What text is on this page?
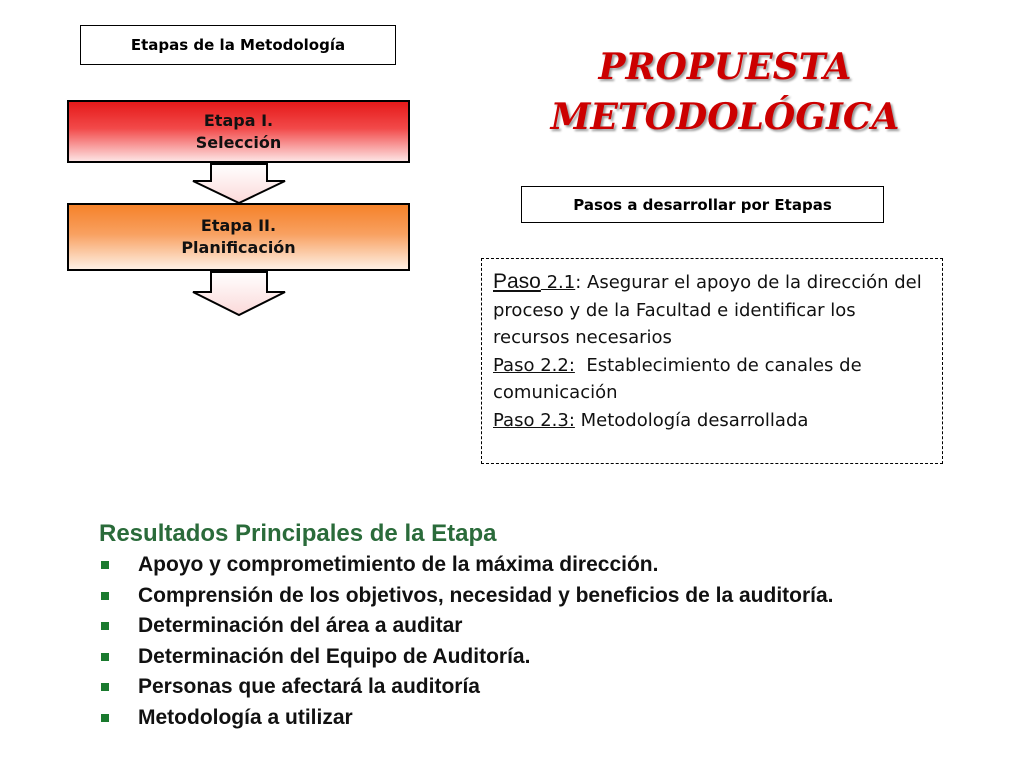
Etapas de la Metodología
Etapa I.
Selección
Etapa II.
Planificación
PROPUESTA
METODOLÓGICA
Pasos a desarrollar por Etapas
Paso 2.1: Asegurar el apoyo de la dirección del proceso y de la Facultad e identificar los recursos necesarios
Paso 2.2:  Establecimiento de canales de comunicación
Paso 2.3: Metodología desarrollada
Resultados Principales de la Etapa
Apoyo y comprometimiento de la máxima dirección.
Comprensión de los objetivos, necesidad y beneficios de la auditoría.
Determinación del área a auditar
Determinación del Equipo de Auditoría.
Personas que afectará la auditoría
Metodología a utilizar
